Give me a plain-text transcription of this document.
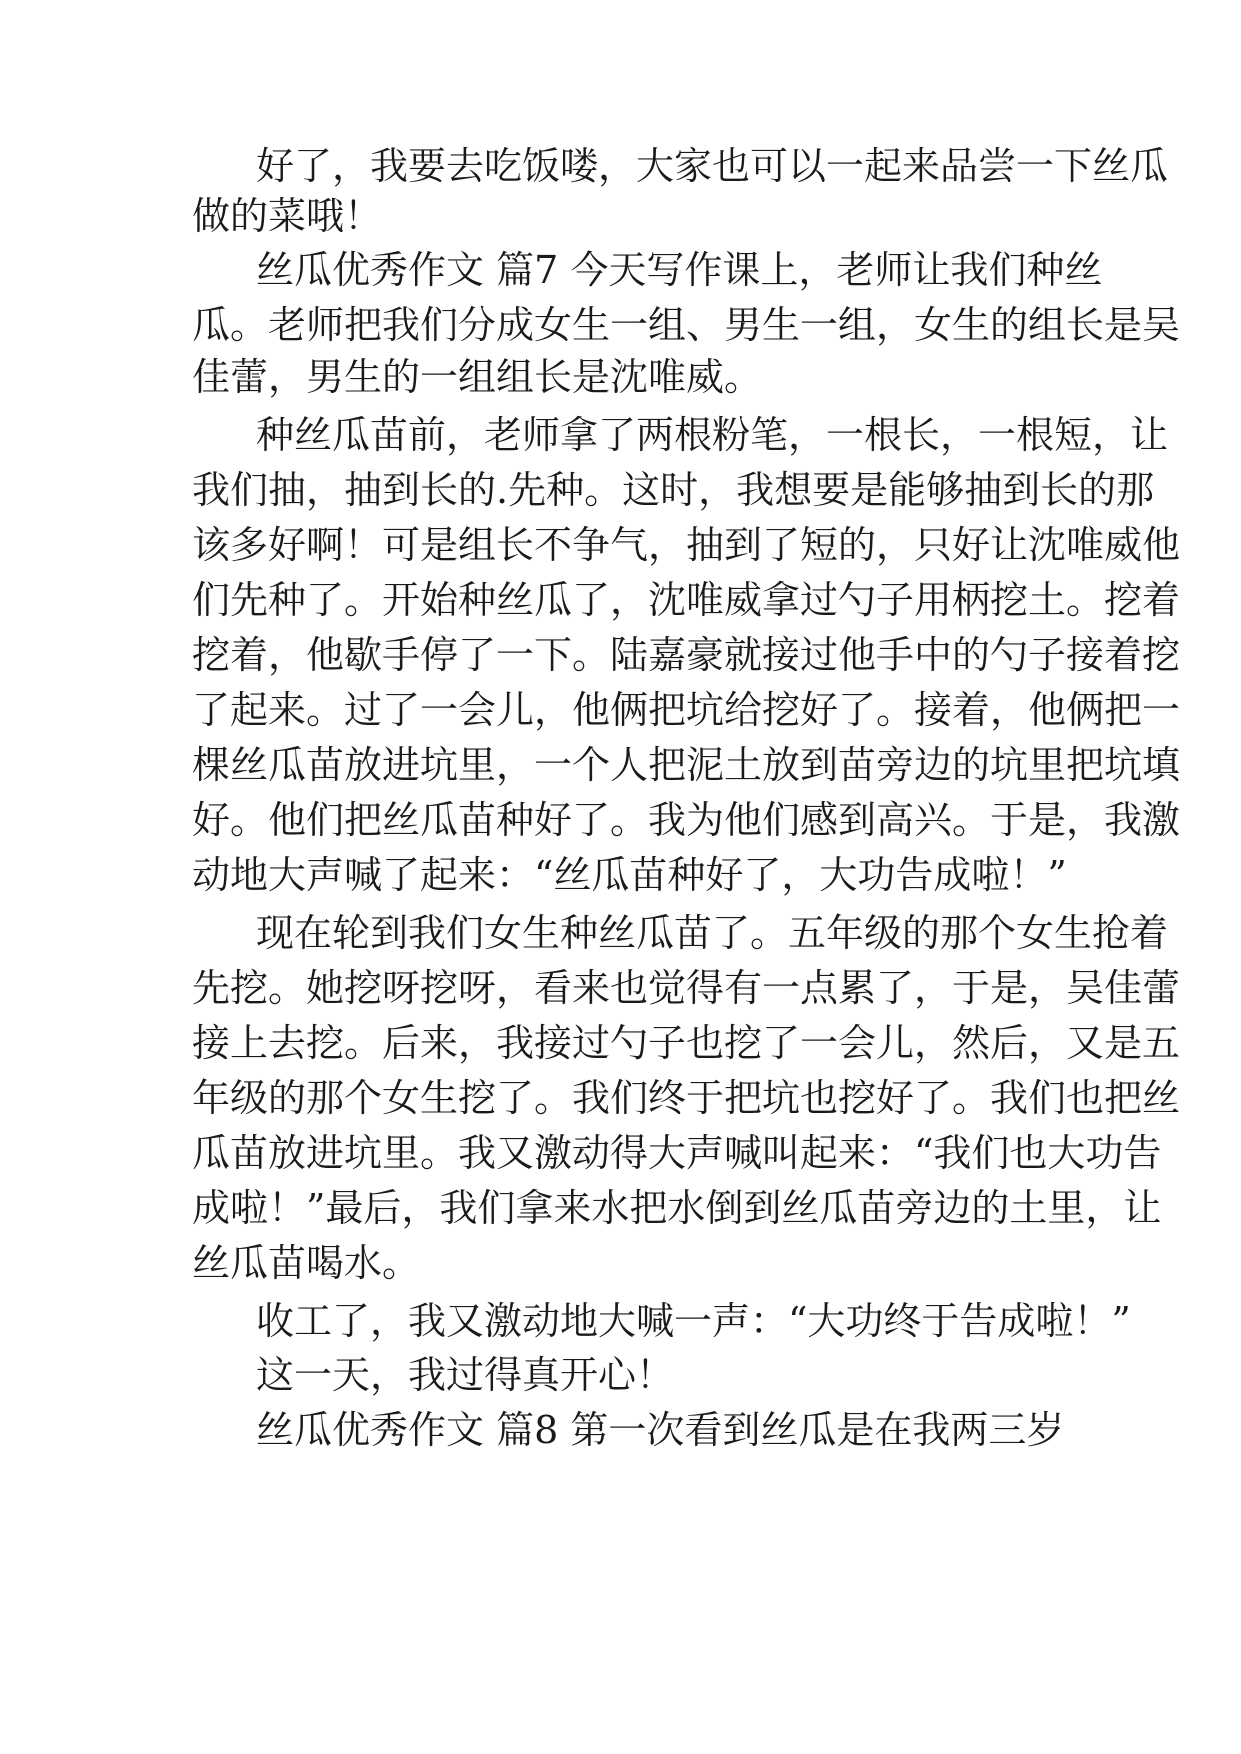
好了，我要去吃饭喽，大家也可以一起来品尝一下丝瓜
做的菜哦！
丝瓜优秀作文 篇7 今天写作课上，老师让我们种丝
瓜。老师把我们分成女生一组、男生一组，女生的组长是吴
佳蕾，男生的一组组长是沈唯威。
种丝瓜苗前，老师拿了两根粉笔，一根长，一根短，让
我们抽，抽到长的.先种。这时，我想要是能够抽到长的那
该多好啊！可是组长不争气，抽到了短的，只好让沈唯威他
们先种了。开始种丝瓜了，沈唯威拿过勺子用柄挖土。挖着
挖着，他歇手停了一下。陆嘉豪就接过他手中的勺子接着挖
了起来。过了一会儿，他俩把坑给挖好了。接着，他俩把一
棵丝瓜苗放进坑里，一个人把泥土放到苗旁边的坑里把坑填
好。他们把丝瓜苗种好了。我为他们感到高兴。于是，我激
动地大声喊了起来：“丝瓜苗种好了，大功告成啦！”
现在轮到我们女生种丝瓜苗了。五年级的那个女生抢着
先挖。她挖呀挖呀，看来也觉得有一点累了，于是，吴佳蕾
接上去挖。后来，我接过勺子也挖了一会儿，然后，又是五
年级的那个女生挖了。我们终于把坑也挖好了。我们也把丝
瓜苗放进坑里。我又激动得大声喊叫起来：“我们也大功告
成啦！”最后，我们拿来水把水倒到丝瓜苗旁边的土里，让
丝瓜苗喝水。
收工了，我又激动地大喊一声：“大功终于告成啦！”
这一天，我过得真开心！
丝瓜优秀作文 篇8 第一次看到丝瓜是在我两三岁
